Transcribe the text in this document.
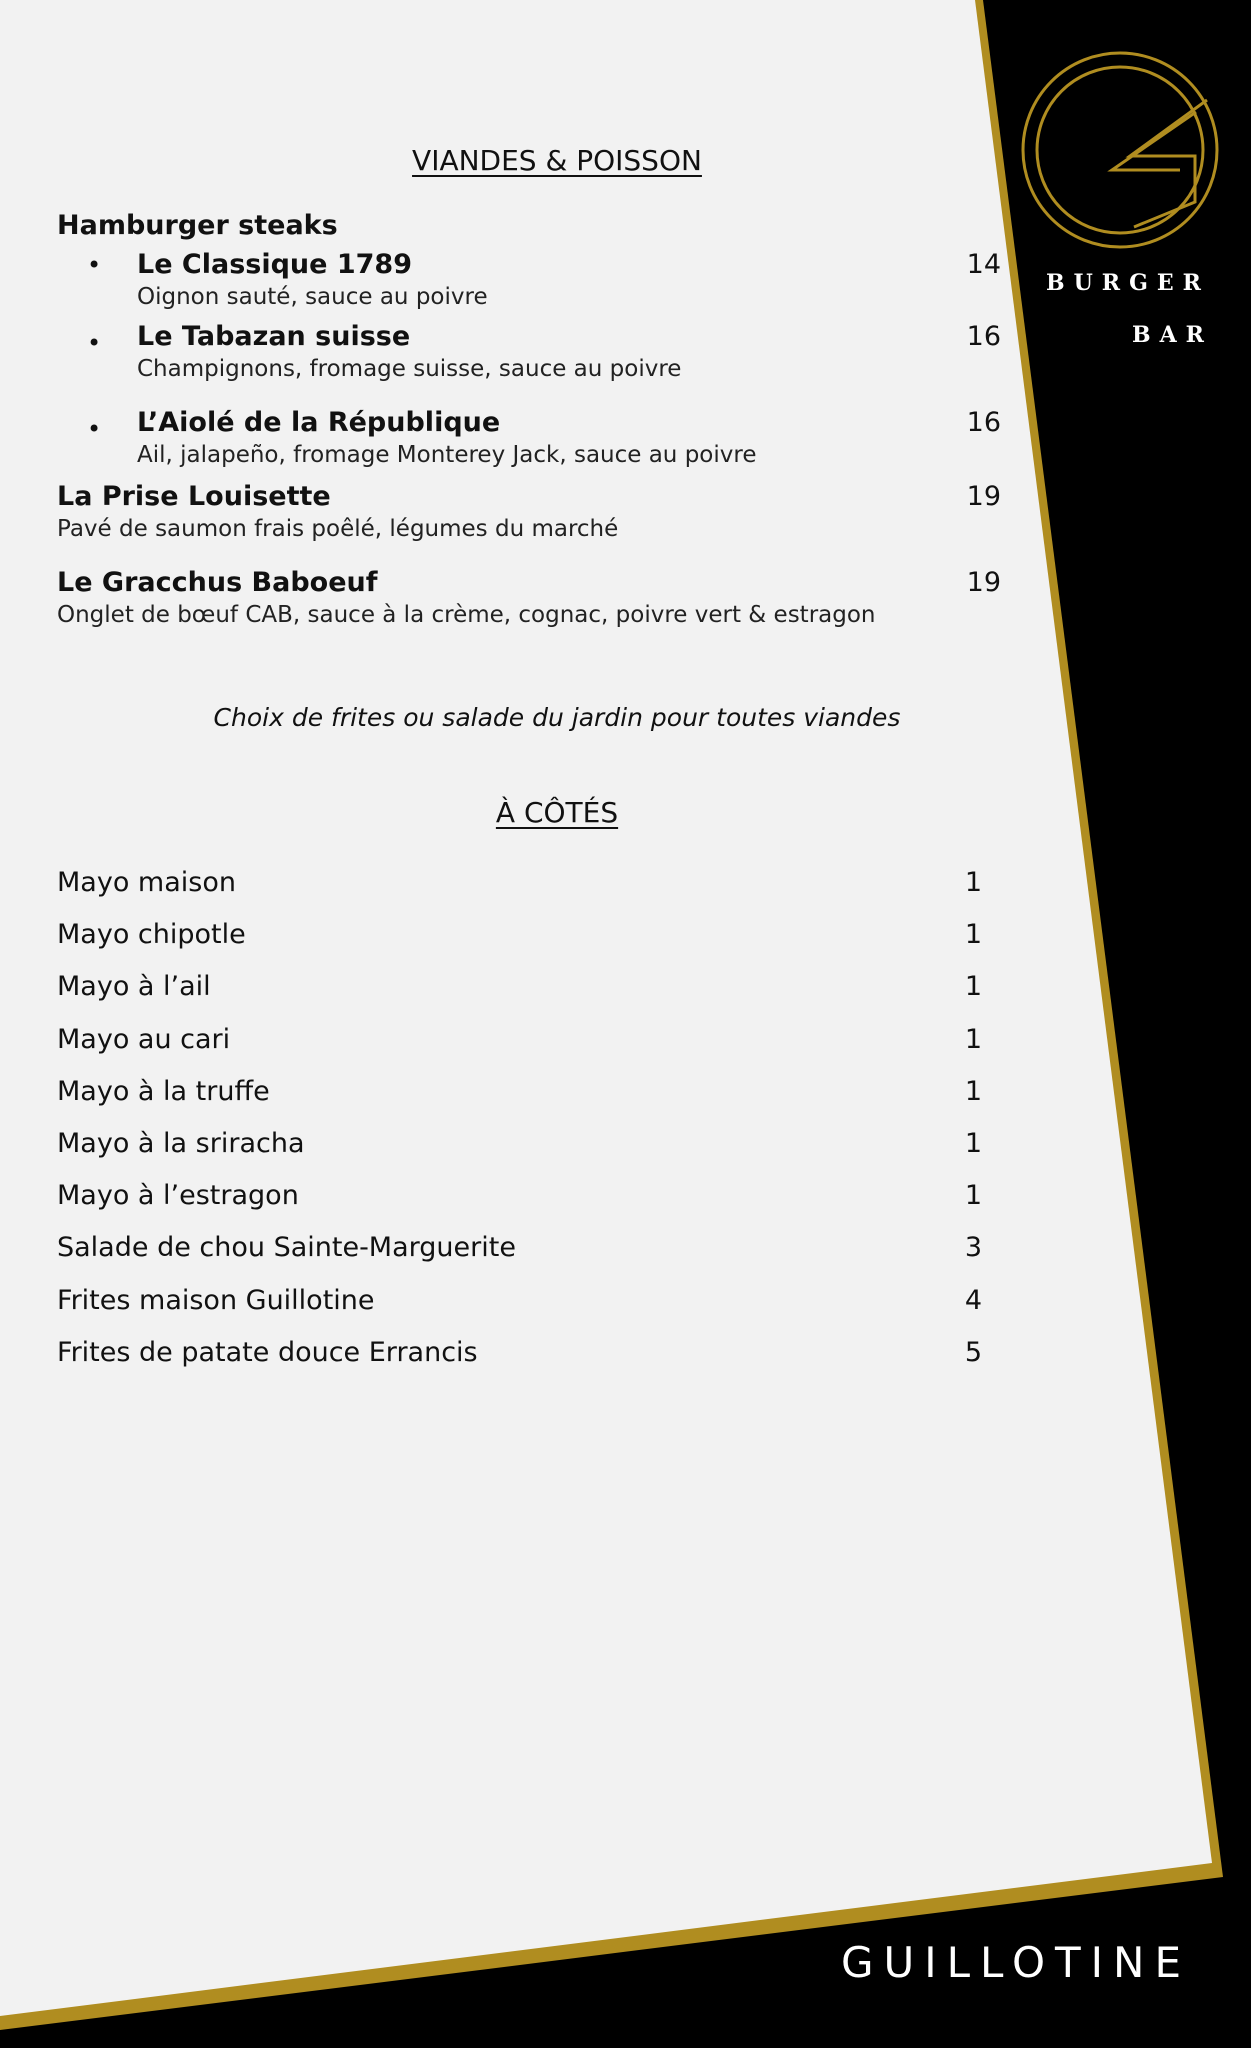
BURGER
BAR
GUILLOTINE
VIANDES & POISSON
Hamburger steaks
• Le Classique 1789
Oignon sauté, sauce au poivre
14
• Le Tabazan suisse
Champignons, fromage suisse, sauce au poivre
16
• L’Aiolé de la République
Ail, jalapeño, fromage Monterey Jack, sauce au poivre
16
La Prise Louisette
Pavé de saumon frais poêlé, légumes du marché
19
Le Gracchus Baboeuf
Onglet de bœuf CAB, sauce à la crème, cognac, poivre vert & estragon
19
Choix de frites ou salade du jardin pour toutes viandes
À CÔTÉS
Mayo maison	1
Mayo chipotle	1
Mayo à l’ail	1
Mayo au cari	1
Mayo à la truffe	1
Mayo à la sriracha	1
Mayo à l’estragon	1
Salade de chou Sainte-Marguerite	3
Frites maison Guillotine	4
Frites de patate douce Errancis	5
